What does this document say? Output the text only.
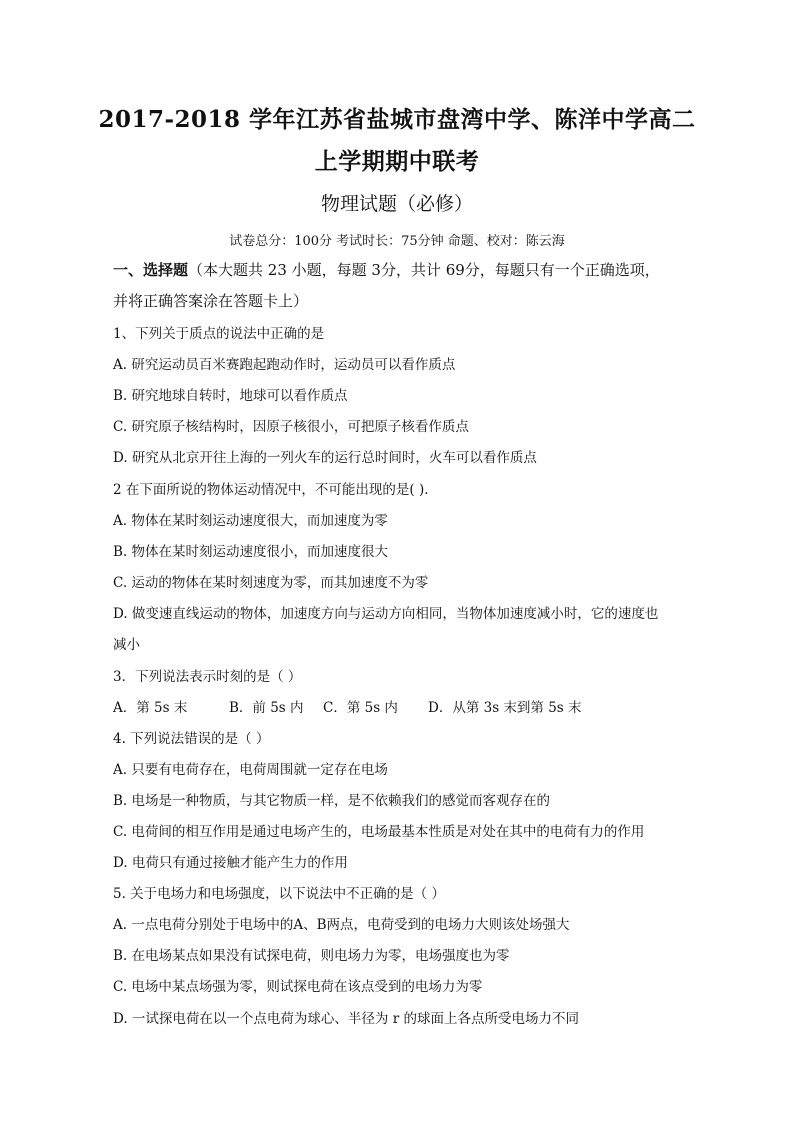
2017-2018 学年江苏省盐城市盘湾中学、陈洋中学高二
上学期期中联考
物理试题（必修）
试卷总分：100分 考试时长：75分钟 命题、校对：陈云海
一、选择题（本大题共 23 小题，每题 3分，共计 69分，每题只有一个正确选项，
并将正确答案涂在答题卡上）
1、下列关于质点的说法中正确的是
A. 研究运动员百米赛跑起跑动作时，运动员可以看作质点
B. 研究地球自转时，地球可以看作质点
C. 研究原子核结构时，因原子核很小，可把原子核看作质点
D. 研究从北京开往上海的一列火车的运行总时间时，火车可以看作质点
2 在下面所说的物体运动情况中，不可能出现的是( ).
A. 物体在某时刻运动速度很大，而加速度为零
B. 物体在某时刻运动速度很小，而加速度很大
C. 运动的物体在某时刻速度为零，而其加速度不为零
D. 做变速直线运动的物体，加速度方向与运动方向相同，当物体加速度减小时，它的速度也
减小
3．下列说法表示时刻的是（ ）
A．第 5s 末	B．前 5s 内 C．第 5s 内 D．从第 3s 末到第 5s 末
4. 下列说法错误的是（ ）
A. 只要有电荷存在，电荷周围就一定存在电场
B. 电场是一种物质，与其它物质一样，是不依赖我们的感觉而客观存在的
C. 电荷间的相互作用是通过电场产生的，电场最基本性质是对处在其中的电荷有力的作用
D. 电荷只有通过接触才能产生力的作用
5. 关于电场力和电场强度，以下说法中不正确的是（ ）
A. 一点电荷分别处于电场中的A、B两点，电荷受到的电场力大则该处场强大
B. 在电场某点如果没有试探电荷，则电场力为零，电场强度也为零
C. 电场中某点场强为零，则试探电荷在该点受到的电场力为零
D. 一试探电荷在以一个点电荷为球心、半径为 r 的球面上各点所受电场力不同
